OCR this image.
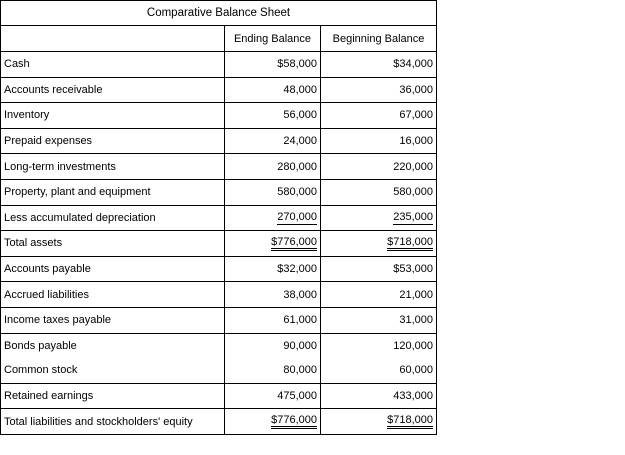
Comparative Balance Sheet		
	Ending Balance	Beginning Balance
Cash	$58,000	$34,000
Accounts receivable	48,000	36,000
Inventory	56,000	67,000
Prepaid expenses	24,000	16,000
Long-term investments	280,000	220,000
Property, plant and equipment	580,000	580,000
Less accumulated depreciation	270,000	235,000
Total assets	$776,000	$718,000
Accounts payable	$32,000	$53,000
Accrued liabilities	38,000	21,000
Income taxes payable	61,000	31,000
Bonds payable	90,000	120,000
Common stock	80,000	60,000
Retained earnings	475,000	433,000
Total liabilities and stockholders' equity	$776,000	$718,000
